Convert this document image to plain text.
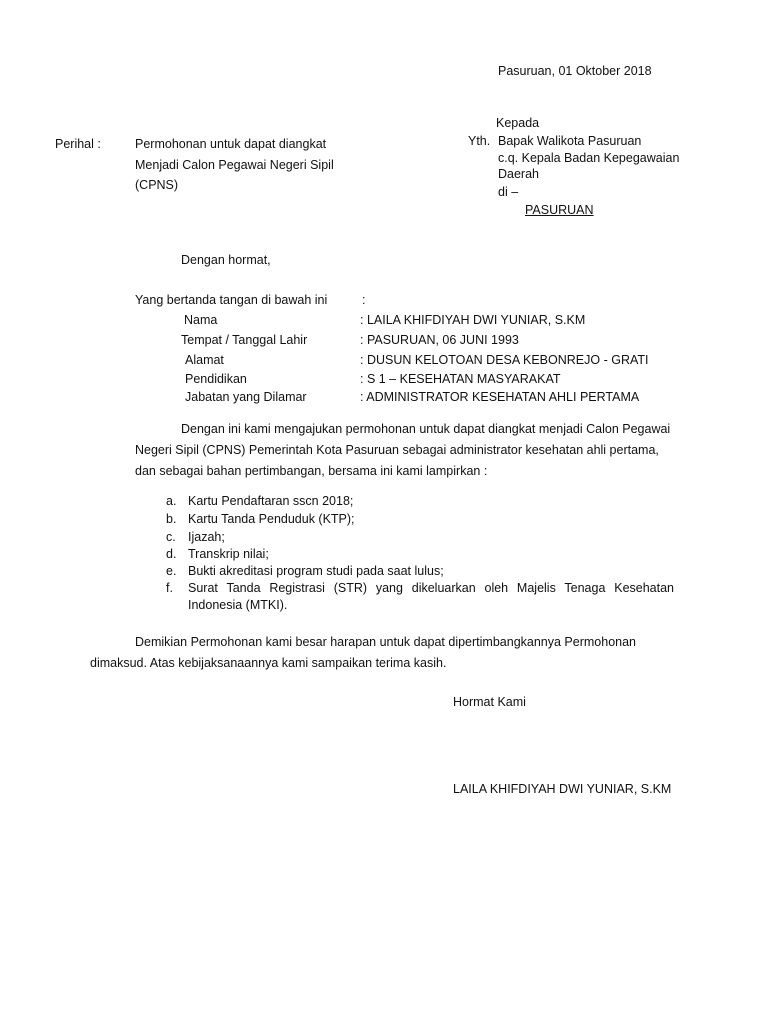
Pasuruan, 01 Oktober 2018
Kepada
Yth. Bapak Walikota Pasuruan
c.q. Kepala Badan Kepegawaian
Daerah
di –
PASURUAN
Perihal :	Permohonan untuk dapat diangkat
Menjadi Calon Pegawai Negeri Sipil
(CPNS)
Dengan hormat,
Yang bertanda tangan di bawah ini	:
Nama	: LAILA KHIFDIYAH DWI YUNIAR, S.KM
Tempat / Tanggal Lahir	: PASURUAN, 06 JUNI 1993
Alamat	: DUSUN KELOTOAN DESA KEBONREJO - GRATI
Pendidikan	: S 1 – KESEHATAN MASYARAKAT
Jabatan yang Dilamar	: ADMINISTRATOR KESEHATAN AHLI PERTAMA
Dengan ini kami mengajukan permohonan untuk dapat diangkat menjadi Calon Pegawai
Negeri Sipil (CPNS) Pemerintah Kota Pasuruan sebagai administrator kesehatan ahli pertama,
dan sebagai bahan pertimbangan, bersama ini kami lampirkan :
a. Kartu Pendaftaran sscn 2018;
b. Kartu Tanda Penduduk (KTP);
c. Ijazah;
d. Transkrip nilai;
e. Bukti akreditasi program studi pada saat lulus;
f. Surat Tanda Registrasi (STR) yang dikeluarkan oleh Majelis Tenaga Kesehatan Indonesia (MTKI).
Demikian Permohonan kami besar harapan untuk dapat dipertimbangkannya Permohonan
dimaksud. Atas kebijaksanaannya kami sampaikan terima kasih.
Hormat Kami
LAILA KHIFDIYAH DWI YUNIAR, S.KM
